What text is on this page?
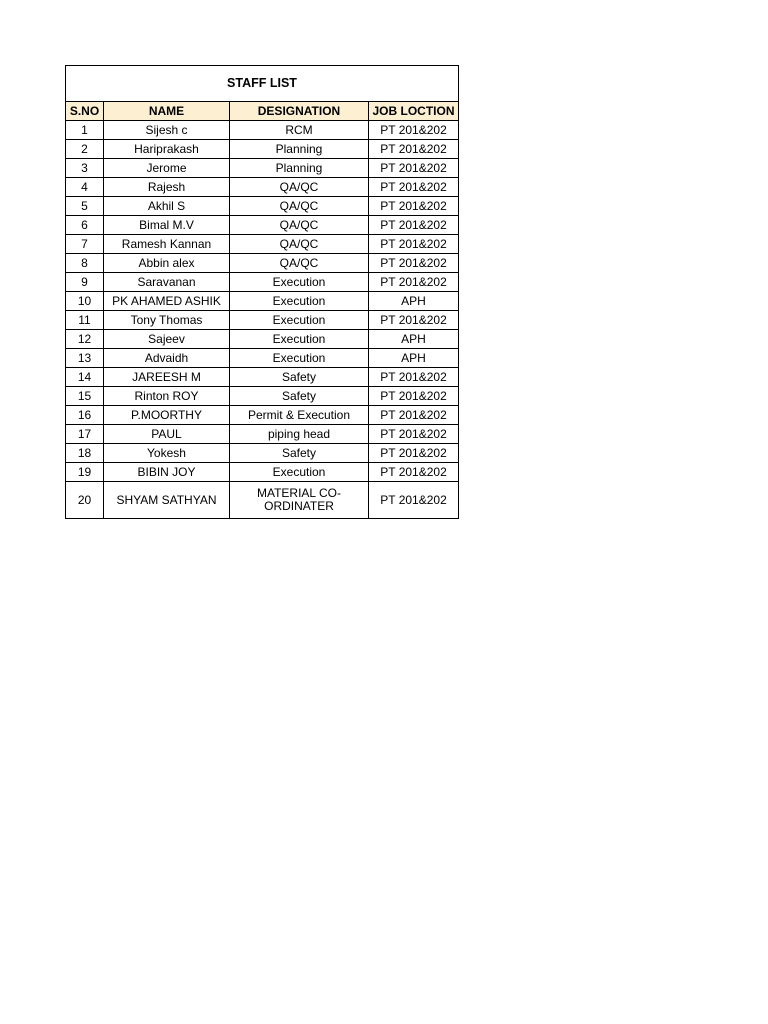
STAFF LIST			
S.NO	NAME	DESIGNATION	JOB LOCTION
1	Sijesh c	RCM	PT 201&202
2	Hariprakash	Planning	PT 201&202
3	Jerome	Planning	PT 201&202
4	Rajesh	QA/QC	PT 201&202
5	Akhil S	QA/QC	PT 201&202
6	Bimal M.V	QA/QC	PT 201&202
7	Ramesh Kannan	QA/QC	PT 201&202
8	Abbin alex	QA/QC	PT 201&202
9	Saravanan	Execution	PT 201&202
10	PK AHAMED ASHIK	Execution	APH
11	Tony Thomas	Execution	PT 201&202
12	Sajeev	Execution	APH
13	Advaidh	Execution	APH
14	JAREESH M	Safety	PT 201&202
15	Rinton ROY	Safety	PT 201&202
16	P.MOORTHY	Permit & Execution	PT 201&202
17	PAUL	piping head	PT 201&202
18	Yokesh	Safety	PT 201&202
19	BIBIN JOY	Execution	PT 201&202
20	SHYAM SATHYAN	MATERIAL CO-ORDINATER	PT 201&202
